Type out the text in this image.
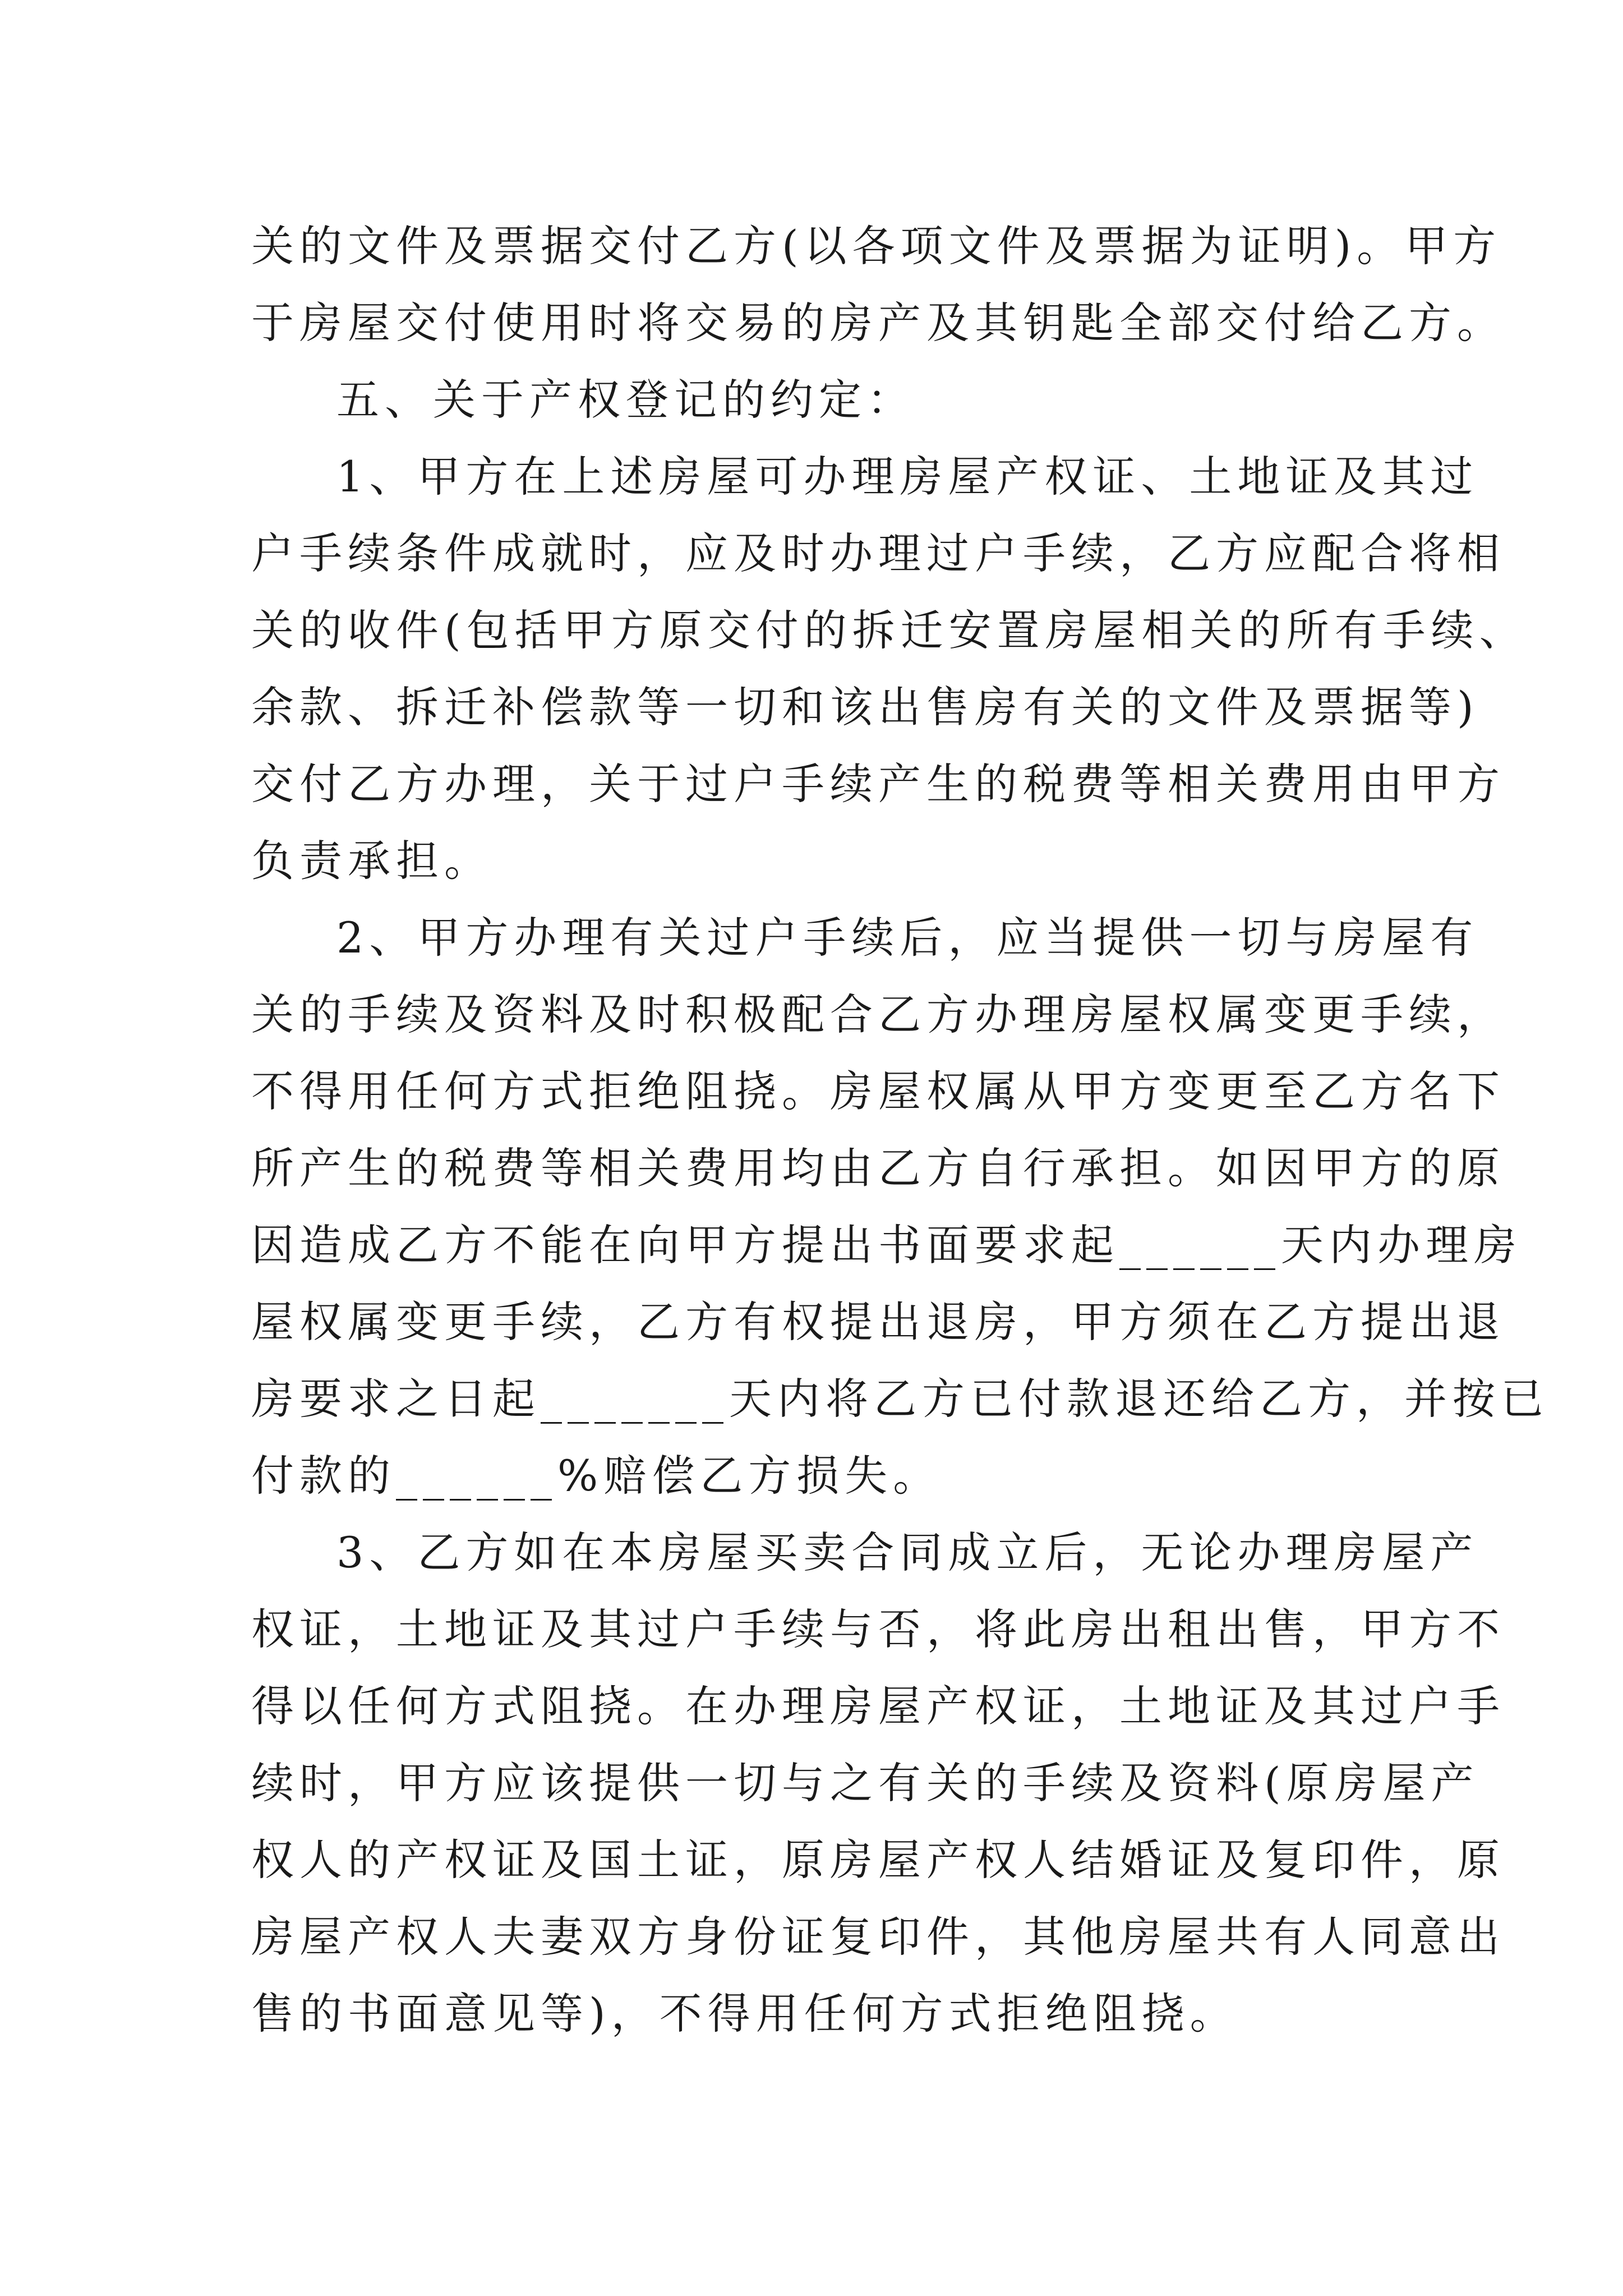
关的文件及票据交付乙方(以各项文件及票据为证明)。甲方
于房屋交付使用时将交易的房产及其钥匙全部交付给乙方。
五、关于产权登记的约定：
1、甲方在上述房屋可办理房屋产权证、土地证及其过
户手续条件成就时，应及时办理过户手续，乙方应配合将相
关的收件(包括甲方原交付的拆迁安置房屋相关的所有手续、
余款、拆迁补偿款等一切和该出售房有关的文件及票据等)
交付乙方办理，关于过户手续产生的税费等相关费用由甲方
负责承担。
2、甲方办理有关过户手续后，应当提供一切与房屋有
关的手续及资料及时积极配合乙方办理房屋权属变更手续，
不得用任何方式拒绝阻挠。房屋权属从甲方变更至乙方名下
所产生的税费等相关费用均由乙方自行承担。如因甲方的原
因造成乙方不能在向甲方提出书面要求起______天内办理房
屋权属变更手续，乙方有权提出退房，甲方须在乙方提出退
房要求之日起_______天内将乙方已付款退还给乙方，并按已
付款的______%赔偿乙方损失。
3、乙方如在本房屋买卖合同成立后，无论办理房屋产
权证，土地证及其过户手续与否，将此房出租出售，甲方不
得以任何方式阻挠。在办理房屋产权证，土地证及其过户手
续时，甲方应该提供一切与之有关的手续及资料(原房屋产
权人的产权证及国土证，原房屋产权人结婚证及复印件，原
房屋产权人夫妻双方身份证复印件，其他房屋共有人同意出
售的书面意见等)，不得用任何方式拒绝阻挠。
